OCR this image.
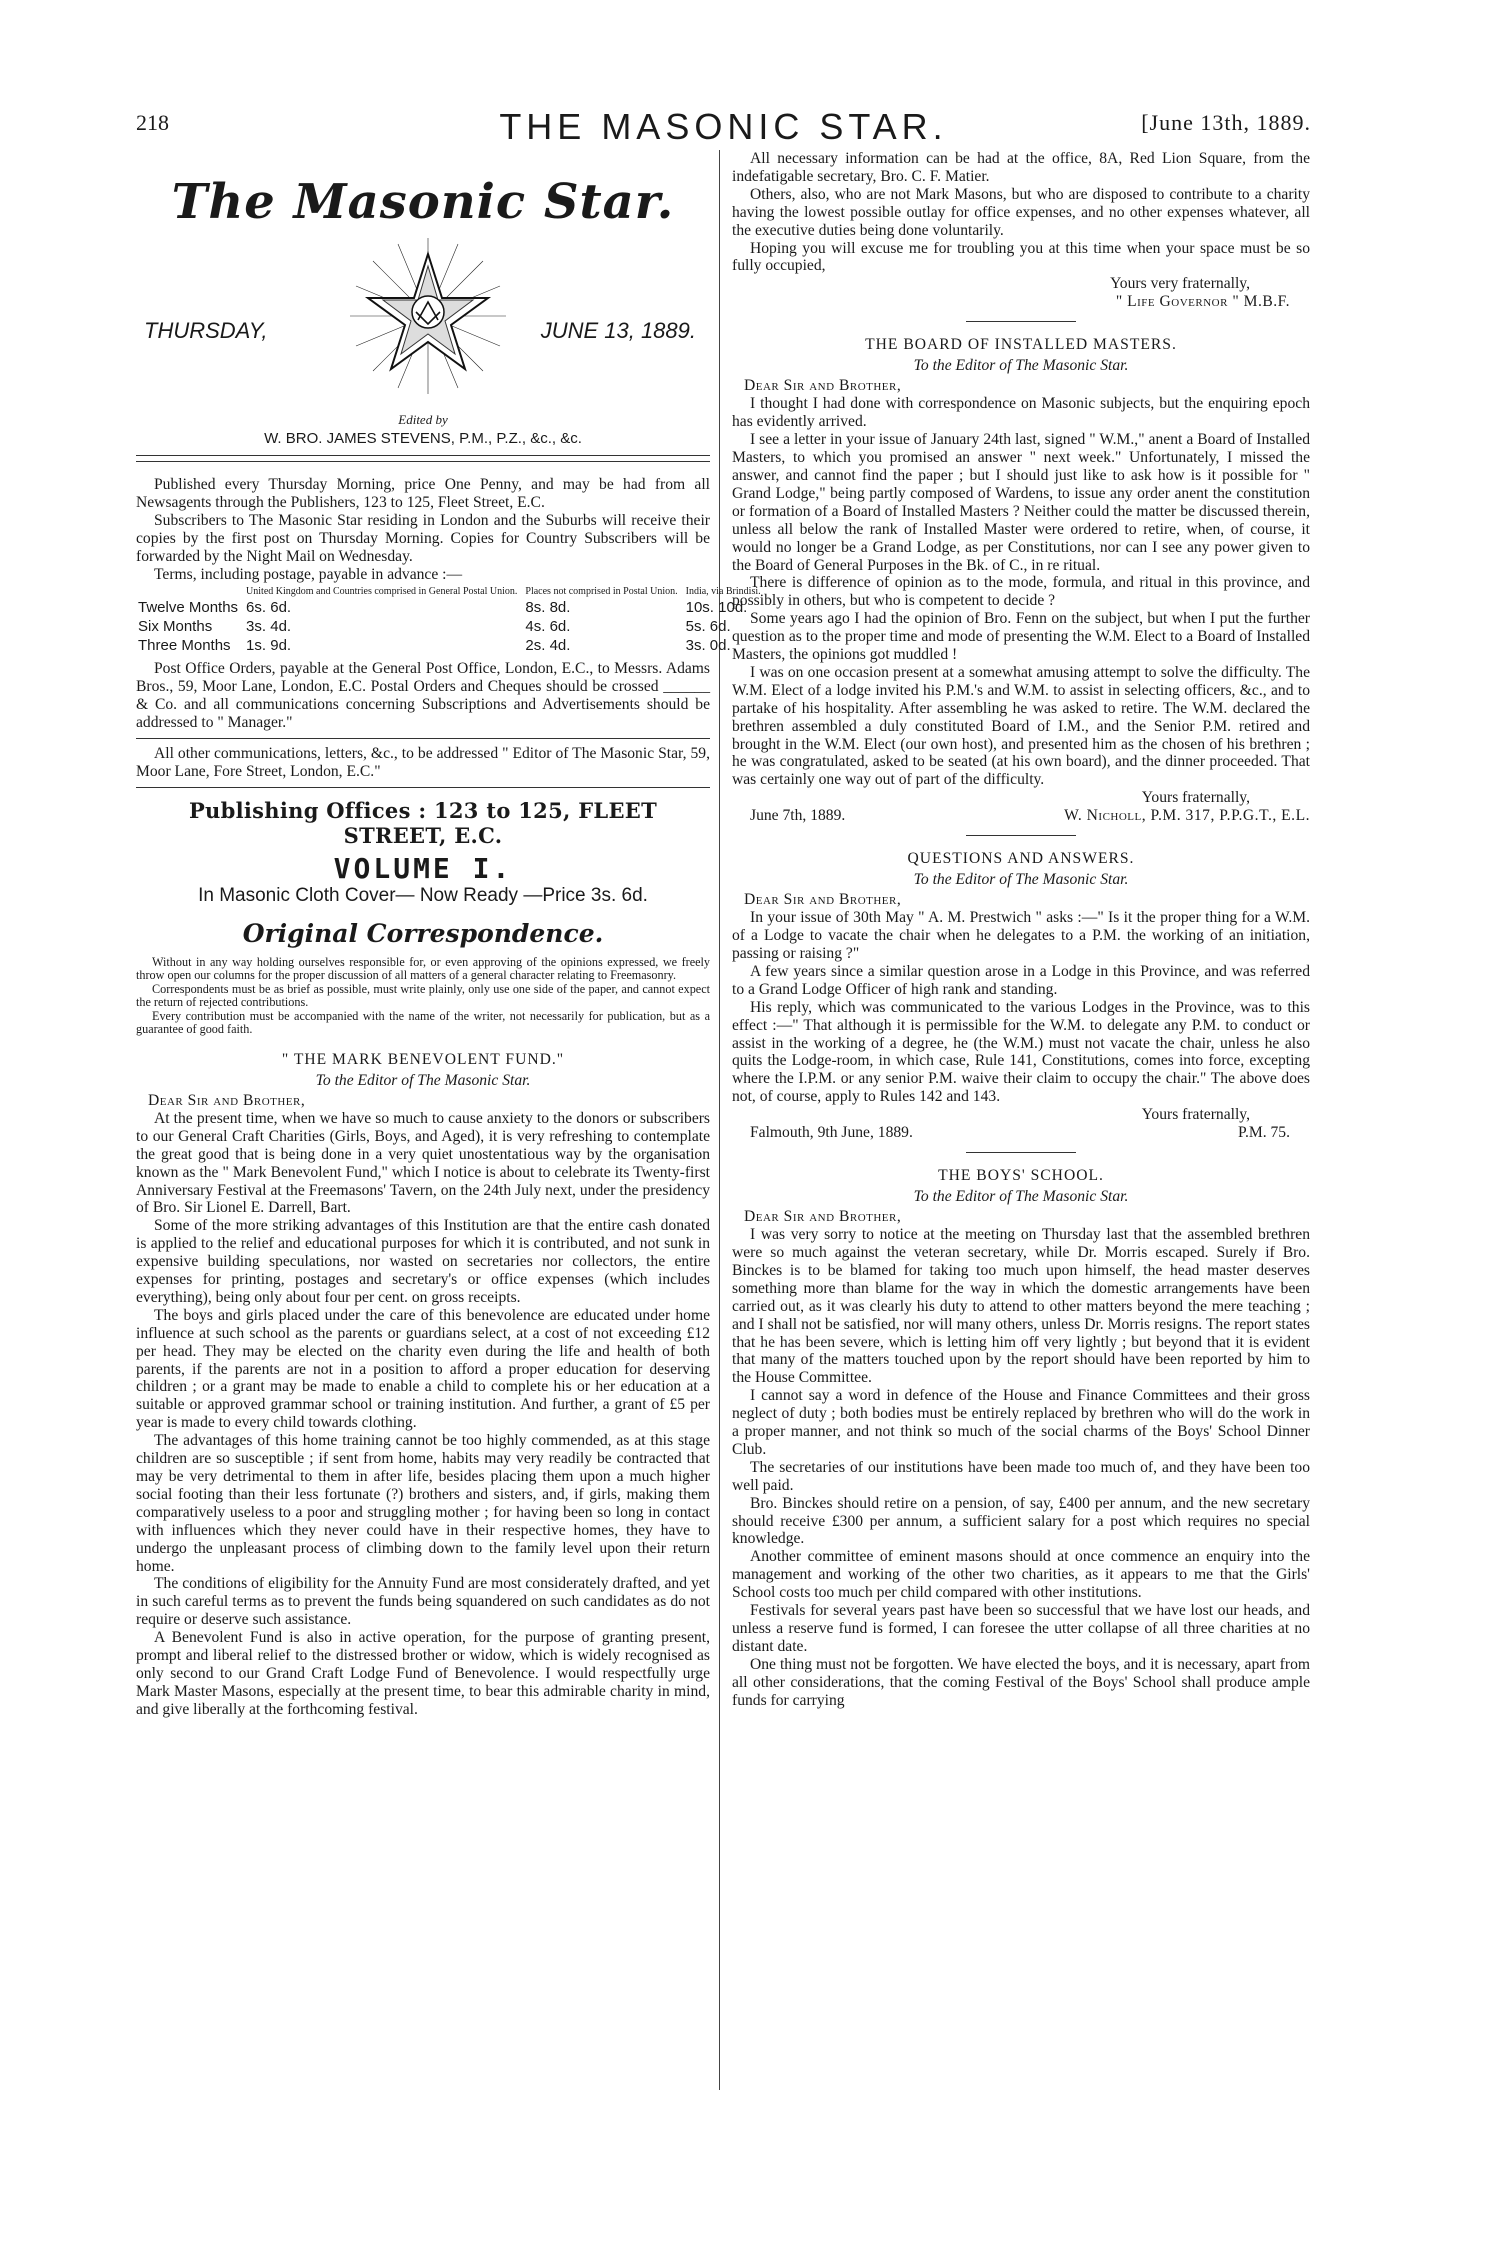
218	THE MASONIC STAR.	[June 13th, 1889.
The Masonic Star.
THURSDAY,	JUNE 13, 1889.
Edited by
W. BRO. JAMES STEVENS, P.M., P.Z., &c., &c.

Published every Thursday Morning, price One Penny, and may be had from all Newsagents through the Publishers, 123 to 125, Fleet Street, E.C.

Subscribers to The Masonic Star residing in London and the Suburbs will receive their copies by the first post on Thursday Morning. Copies for Country Subscribers will be forwarded by the Night Mail on Wednesday.

Terms, including postage, payable in advance :—

	United Kingdom and Countries comprised in General Postal Union.	Places not comprised in Postal Union.	India, via Brindisi.
Twelve Months	6s. 6d.	8s. 8d.	10s. 10d.
Six Months	3s. 4d.	4s. 6d.	5s. 6d.
Three Months	1s. 9d.	2s. 4d.	3s. 0d.

Post Office Orders, payable at the General Post Office, London, E.C., to Messrs. Adams Bros., 59, Moor Lane, London, E.C. Postal Orders and Cheques should be crossed ______ & Co. and all communications concerning Subscriptions and Advertisements should be addressed to " Manager."

All other communications, letters, &c., to be addressed " Editor of The Masonic Star, 59, Moor Lane, Fore Street, London, E.C."

Publishing Offices : 123 to 125, FLEET STREET, E.C.
VOLUME I.
In Masonic Cloth Cover— Now Ready —Price 3s. 6d.
Original Correspondence.

Without in any way holding ourselves responsible for, or even approving of the opinions expressed, we freely throw open our columns for the proper discussion of all matters of a general character relating to Freemasonry.

Correspondents must be as brief as possible, must write plainly, only use one side of the paper, and cannot expect the return of rejected contributions.

Every contribution must be accompanied with the name of the writer, not necessarily for publication, but as a guarantee of good faith.

" THE MARK BENEVOLENT FUND."
To the Editor of The Masonic Star.

Dear Sir and Brother,

At the present time, when we have so much to cause anxiety to the donors or subscribers to our General Craft Charities (Girls, Boys, and Aged), it is very refreshing to contemplate the great good that is being done in a very quiet unostentatious way by the organisation known as the " Mark Benevolent Fund," which I notice is about to celebrate its Twenty-first Anniversary Festival at the Freemasons' Tavern, on the 24th July next, under the presidency of Bro. Sir Lionel E. Darrell, Bart.

Some of the more striking advantages of this Institution are that the entire cash donated is applied to the relief and educational purposes for which it is contributed, and not sunk in expensive building speculations, nor wasted on secretaries nor collectors, the entire expenses for printing, postages and secretary's or office expenses (which includes everything), being only about four per cent. on gross receipts.

The boys and girls placed under the care of this benevolence are educated under home influence at such school as the parents or guardians select, at a cost of not exceeding £12 per head. They may be elected on the charity even during the life and health of both parents, if the parents are not in a position to afford a proper education for deserving children ; or a grant may be made to enable a child to complete his or her education at a suitable or approved grammar school or training institution. And further, a grant of £5 per year is made to every child towards clothing.

The advantages of this home training cannot be too highly commended, as at this stage children are so susceptible ; if sent from home, habits may very readily be contracted that may be very detrimental to them in after life, besides placing them upon a much higher social footing than their less fortunate (?) brothers and sisters, and, if girls, making them comparatively useless to a poor and struggling mother ; for having been so long in contact with influences which they never could have in their respective homes, they have to undergo the unpleasant process of climbing down to the family level upon their return home.

The conditions of eligibility for the Annuity Fund are most considerately drafted, and yet in such careful terms as to prevent the funds being squandered on such candidates as do not require or deserve such assistance.

A Benevolent Fund is also in active operation, for the purpose of granting present, prompt and liberal relief to the distressed brother or widow, which is widely recognised as only second to our Grand Craft Lodge Fund of Benevolence. I would respectfully urge Mark Master Masons, especially at the present time, to bear this admirable charity in mind, and give liberally at the forthcoming festival.

All necessary information can be had at the office, 8A, Red Lion Square, from the indefatigable secretary, Bro. C. F. Matier.

Others, also, who are not Mark Masons, but who are disposed to contribute to a charity having the lowest possible outlay for office expenses, and no other expenses whatever, all the executive duties being done voluntarily.

Hoping you will excuse me for troubling you at this time when your space must be so fully occupied,

Yours very fraternally,

" Life Governor " M.B.F.

THE BOARD OF INSTALLED MASTERS.
To the Editor of The Masonic Star.

Dear Sir and Brother,

I thought I had done with correspondence on Masonic subjects, but the enquiring epoch has evidently arrived.

I see a letter in your issue of January 24th last, signed " W.M.," anent a Board of Installed Masters, to which you promised an answer " next week." Unfortunately, I missed the answer, and cannot find the paper ; but I should just like to ask how is it possible for " Grand Lodge," being partly composed of Wardens, to issue any order anent the constitution or formation of a Board of Installed Masters ? Neither could the matter be discussed therein, unless all below the rank of Installed Master were ordered to retire, when, of course, it would no longer be a Grand Lodge, as per Constitutions, nor can I see any power given to the Board of General Purposes in the Bk. of C., in re ritual.

There is difference of opinion as to the mode, formula, and ritual in this province, and possibly in others, but who is competent to decide ?

Some years ago I had the opinion of Bro. Fenn on the subject, but when I put the further question as to the proper time and mode of presenting the W.M. Elect to a Board of Installed Masters, the opinions got muddled !

I was on one occasion present at a somewhat amusing attempt to solve the difficulty. The W.M. Elect of a lodge invited his P.M.'s and W.M. to assist in selecting officers, &c., and to partake of his hospitality. After assembling he was asked to retire. The W.M. declared the brethren assembled a duly constituted Board of I.M., and the Senior P.M. retired and brought in the W.M. Elect (our own host), and presented him as the chosen of his brethren ; he was congratulated, asked to be seated (at his own board), and the dinner proceeded. That was certainly one way out of part of the difficulty.

Yours fraternally,

June 7th, 1889.	W. Nicholl, P.M. 317, P.P.G.T., E.L.

QUESTIONS AND ANSWERS.
To the Editor of The Masonic Star.

Dear Sir and Brother,

In your issue of 30th May " A. M. Prestwich " asks :—" Is it the proper thing for a W.M. of a Lodge to vacate the chair when he delegates to a P.M. the working of an initiation, passing or raising ?"

A few years since a similar question arose in a Lodge in this Province, and was referred to a Grand Lodge Officer of high rank and standing.

His reply, which was communicated to the various Lodges in the Province, was to this effect :—" That although it is permissible for the W.M. to delegate any P.M. to conduct or assist in the working of a degree, he (the W.M.) must not vacate the chair, unless he also quits the Lodge-room, in which case, Rule 141, Constitutions, comes into force, excepting where the I.P.M. or any senior P.M. waive their claim to occupy the chair." The above does not, of course, apply to Rules 142 and 143.

Yours fraternally,

Falmouth, 9th June, 1889.	P.M. 75.

THE BOYS' SCHOOL.
To the Editor of The Masonic Star.

Dear Sir and Brother,

I was very sorry to notice at the meeting on Thursday last that the assembled brethren were so much against the veteran secretary, while Dr. Morris escaped. Surely if Bro. Binckes is to be blamed for taking too much upon himself, the head master deserves something more than blame for the way in which the domestic arrangements have been carried out, as it was clearly his duty to attend to other matters beyond the mere teaching ; and I shall not be satisfied, nor will many others, unless Dr. Morris resigns. The report states that he has been severe, which is letting him off very lightly ; but beyond that it is evident that many of the matters touched upon by the report should have been reported by him to the House Committee.

I cannot say a word in defence of the House and Finance Committees and their gross neglect of duty ; both bodies must be entirely replaced by brethren who will do the work in a proper manner, and not think so much of the social charms of the Boys' School Dinner Club.

The secretaries of our institutions have been made too much of, and they have been too well paid.

Bro. Binckes should retire on a pension, of say, £400 per annum, and the new secretary should receive £300 per annum, a sufficient salary for a post which requires no special knowledge.

Another committee of eminent masons should at once commence an enquiry into the management and working of the other two charities, as it appears to me that the Girls' School costs too much per child compared with other institutions.

Festivals for several years past have been so successful that we have lost our heads, and unless a reserve fund is formed, I can foresee the utter collapse of all three charities at no distant date.

One thing must not be forgotten. We have elected the boys, and it is necessary, apart from all other considerations, that the coming Festival of the Boys' School shall produce ample funds for carrying
